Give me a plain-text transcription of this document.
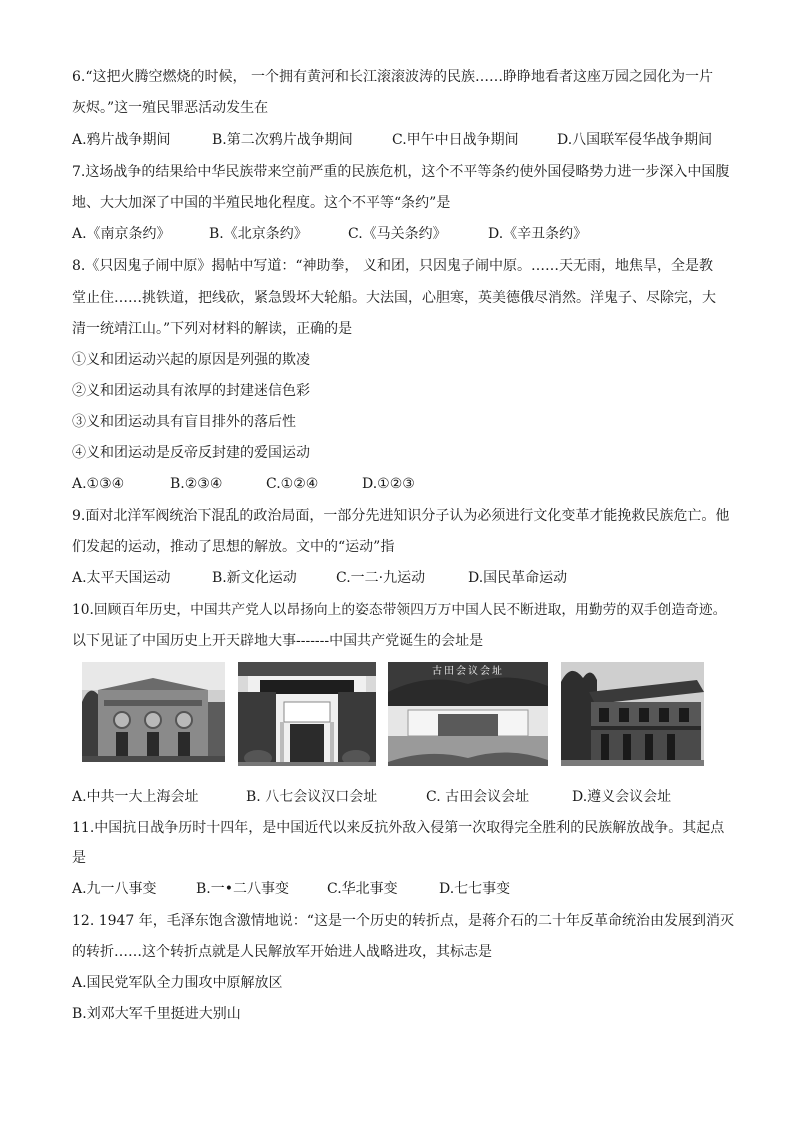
6.“这把火腾空燃烧的时候， 一个拥有黄河和长江滚滚波涛的民族……睁睁地看者这座万园之园化为一片
灰烬。”这一殖民罪恶活动发生在
A.鸦片战争期间	B.第二次鸦片战争期间	C.甲午中日战争期间	D.八国联军侵华战争期间
7.这场战争的结果给中华民族带来空前严重的民族危机，这个不平等条约使外国侵略势力进一步深入中国腹
地、大大加深了中国的半殖民地化程度。这个不平等“条约”是
A.《南京条约》	B.《北京条约》	C.《马关条约》	D.《辛丑条约》
8.《只因鬼子闹中原》揭帖中写道：“神助拳， 义和团，只因鬼子闹中原。……天无雨，地焦旱，全是教
堂止住……挑铁道，把线砍，紧急毁坏大轮船。大法国，心胆寒，英美德俄尽消然。洋鬼子、尽除完，大
清一统靖江山。”下列对材料的解读，正确的是
①义和团运动兴起的原因是列强的欺凌
②义和团运动具有浓厚的封建迷信色彩
③义和团运动具有盲目排外的落后性
④义和团运动是反帝反封建的爱国运动
A.①③④	B.②③④	C.①②④	D.①②③
9.面对北洋军阀统治下混乱的政治局面，一部分先进知识分子认为必须进行文化变革才能挽救民族危亡。他
们发起的运动，推动了思想的解放。文中的“运动”指
A.太平天国运动	B.新文化运动	C.一二·九运动	D.国民革命运动
10.回顾百年历史，中国共产党人以昂扬向上的姿态带领四万万中国人民不断进取，用勤劳的双手创造奇迹。
以下见证了中国历史上开天辟地大事-------中国共产党诞生的会址是
古田会议会址
A.中共一大上海会址	B. 八七会议汉口会址	C. 古田会议会址	D.遵义会议会址
11.中国抗日战争历时十四年，是中国近代以来反抗外敌入侵第一次取得完全胜利的民族解放战争。其起点
是
A.九一八事变	B.一•二八事变	C.华北事变	D.七七事变
12. 1947 年，毛泽东饱含激情地说：“这是一个历史的转折点，是蒋介石的二十年反革命统治由发展到消灭
的转折……这个转折点就是人民解放军开始进人战略进攻，其标志是
A.国民党军队全力围攻中原解放区
B.刘邓大军千里挺进大别山
